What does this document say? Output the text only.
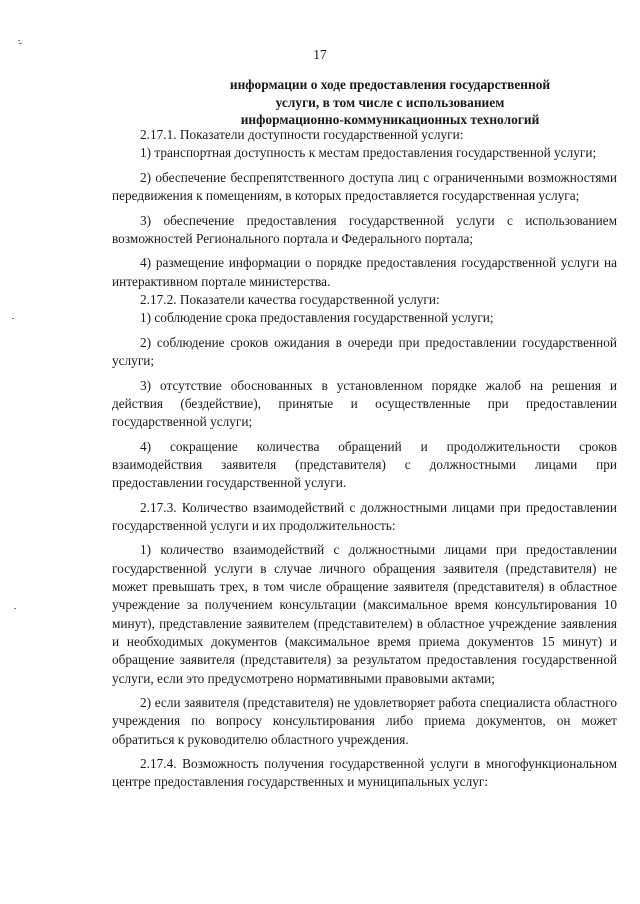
17
информации о ходе предоставления государственной
услуги, в том числе с использованием
информационно-коммуникационных технологий

2.17.1. Показатели доступности государственной услуги:

1) транспортная доступность к местам предоставления государственной услуги;

2) обеспечение беспрепятственного доступа лиц с ограниченными возможностями передвижения к помещениям, в которых предоставляется государственная услуга;

3) обеспечение предоставления государственной услуги с использованием возможностей Регионального портала и Федерального портала;

4) размещение информации о порядке предоставления государственной услуги на интерактивном портале министерства.

2.17.2. Показатели качества государственной услуги:

1) соблюдение срока предоставления государственной услуги;

2) соблюдение сроков ожидания в очереди при предоставлении государственной услуги;

3) отсутствие обоснованных в установленном порядке жалоб на решения и действия (бездействие), принятые и осуществленные при предоставлении государственной услуги;

4) сокращение количества обращений и продолжительности сроков взаимодействия заявителя (представителя) с должностными лицами при предоставлении государственной услуги.

2.17.3. Количество взаимодействий с должностными лицами при предоставлении государственной услуги и их продолжительность:

1) количество взаимодействий с должностными лицами при предоставлении государственной услуги в случае личного обращения заявителя (представителя) не может превышать трех, в том числе обращение заявителя (представителя) в областное учреждение за получением консультации (максимальное время консультирования 10 минут), представление заявителем (представителем) в областное учреждение заявления и необходимых документов (максимальное время приема документов 15 минут) и обращение заявителя (представителя) за результатом предоставления государственной услуги, если это предусмотрено нормативными правовыми актами;

2) если заявителя (представителя) не удовлетворяет работа специалиста областного учреждения по вопросу консультирования либо приема документов, он может обратиться к руководителю областного учреждения.

2.17.4. Возможность получения государственной услуги в многофункциональном центре предоставления государственных и муниципальных услуг:
